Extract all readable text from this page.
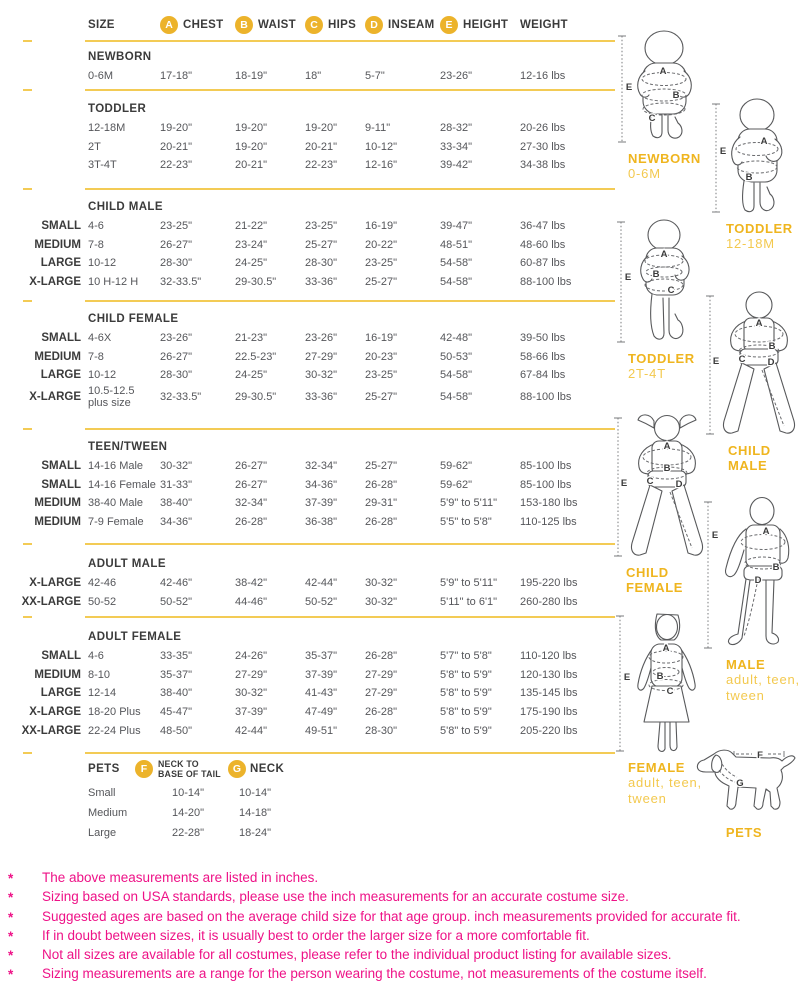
SIZE	A CHEST	B WAIST	C HIPS	D INSEAM	E HEIGHT WEIGHT
NEWBORN
0-6M	17-18"	18-19"	18"	5-7"	23-26"	12-16 lbs
TODDLER
12-18M	19-20"	19-20"	19-20"	9-11"	28-32"	20-26 lbs
2T	20-21"	19-20"	20-21"	10-12"	33-34"	27-30 lbs
3T-4T	22-23"	20-21"	22-23"	12-16"	39-42"	34-38 lbs
CHILD MALE
SMALL 4-6	23-25"	21-22"	23-25"	16-19"	39-47"	36-47 lbs
MEDIUM 7-8	26-27"	23-24"	25-27"	20-22"	48-51"	48-60 lbs
LARGE 10-12	28-30"	24-25"	28-30"	23-25"	54-58"	60-87 lbs
X-LARGE 10 H-12 H	32-33.5"	29-30.5"	33-36"	25-27"	54-58"	88-100 lbs
CHILD FEMALE
SMALL 4-6X	23-26"	21-23"	23-26"	16-19"	42-48"	39-50 lbs
MEDIUM 7-8	26-27"	22.5-23"	27-29"	20-23"	50-53"	58-66 lbs
LARGE 10-12	28-30"	24-25"	30-32"	23-25"	54-58"	67-84 lbs
X-LARGE
10.5-12.5
plus size	32-33.5"	29-30.5"	33-36"	25-27"	54-58"	88-100 lbs
TEEN/TWEEN
SMALL 14-16 Male	30-32"	26-27"	32-34"	25-27"	59-62"	85-100 lbs
SMALL 14-16 Female 31-33"	26-27"	34-36"	26-28"	59-62"	85-100 lbs
MEDIUM 38-40 Male	38-40"	32-34"	37-39"	29-31"	5'9" to 5'11"	153-180 lbs
MEDIUM 7-9 Female	34-36"	26-28"	36-38"	26-28"	5'5" to 5'8"	110-125 lbs
ADULT MALE
X-LARGE 42-46	42-46"	38-42"	42-44"	30-32"	5'9" to 5'11"	195-220 lbs
XX-LARGE 50-52	50-52"	44-46"	50-52"	30-32"	5'11" to 6'1"	260-280 lbs
ADULT FEMALE
SMALL 4-6	33-35"	24-26"	35-37"	26-28"	5'7" to 5'8"	110-120 lbs
MEDIUM 8-10	35-37"	27-29"	37-39"	27-29"	5'8" to 5'9"	120-130 lbs
LARGE 12-14	38-40"	30-32"	41-43"	27-29"	5'8" to 5'9"	135-145 lbs
X-LARGE 18-20 Plus	45-47"	37-39"	47-49"	26-28"	5'8" to 5'9"	175-190 lbs
XX-LARGE 22-24 Plus	48-50"	42-44"	49-51"	28-30"	5'8" to 5'9"	205-220 lbs
PETS	F	NECK TO
BASE OF TAIL	G NECK
Small	10-14"	10-14"
Medium	14-20"	14-18"
Large	22-28"	18-24"
* The above measurements are listed in inches.
* Sizing based on USA standards, please use the inch measurements for an accurate costume size.
* Suggested ages are based on the average child size for that age group. inch measurements provided for accurate fit.
* If in doubt between sizes, it is usually best to order the larger size for a more comfortable fit.
* Not all sizes are available for all costumes, please refer to the individual product listing for available sizes.
* Sizing measurements are a range for the person wearing the costume, not measurements of the costume itself.
E
A
B
C
NEWBORN
0-6M
E
A
B
TODDLER
12-18M
E
A
B
C
TODDLER
2T-4T
E
A
B
C D
CHILD MALE
E
A
B
C D
CHILD FEMALE
E	A
B
D
MALE
adult, teen, tween
E
A
B
C
FEMALE
adult, teen, tween
F
G
PETS
